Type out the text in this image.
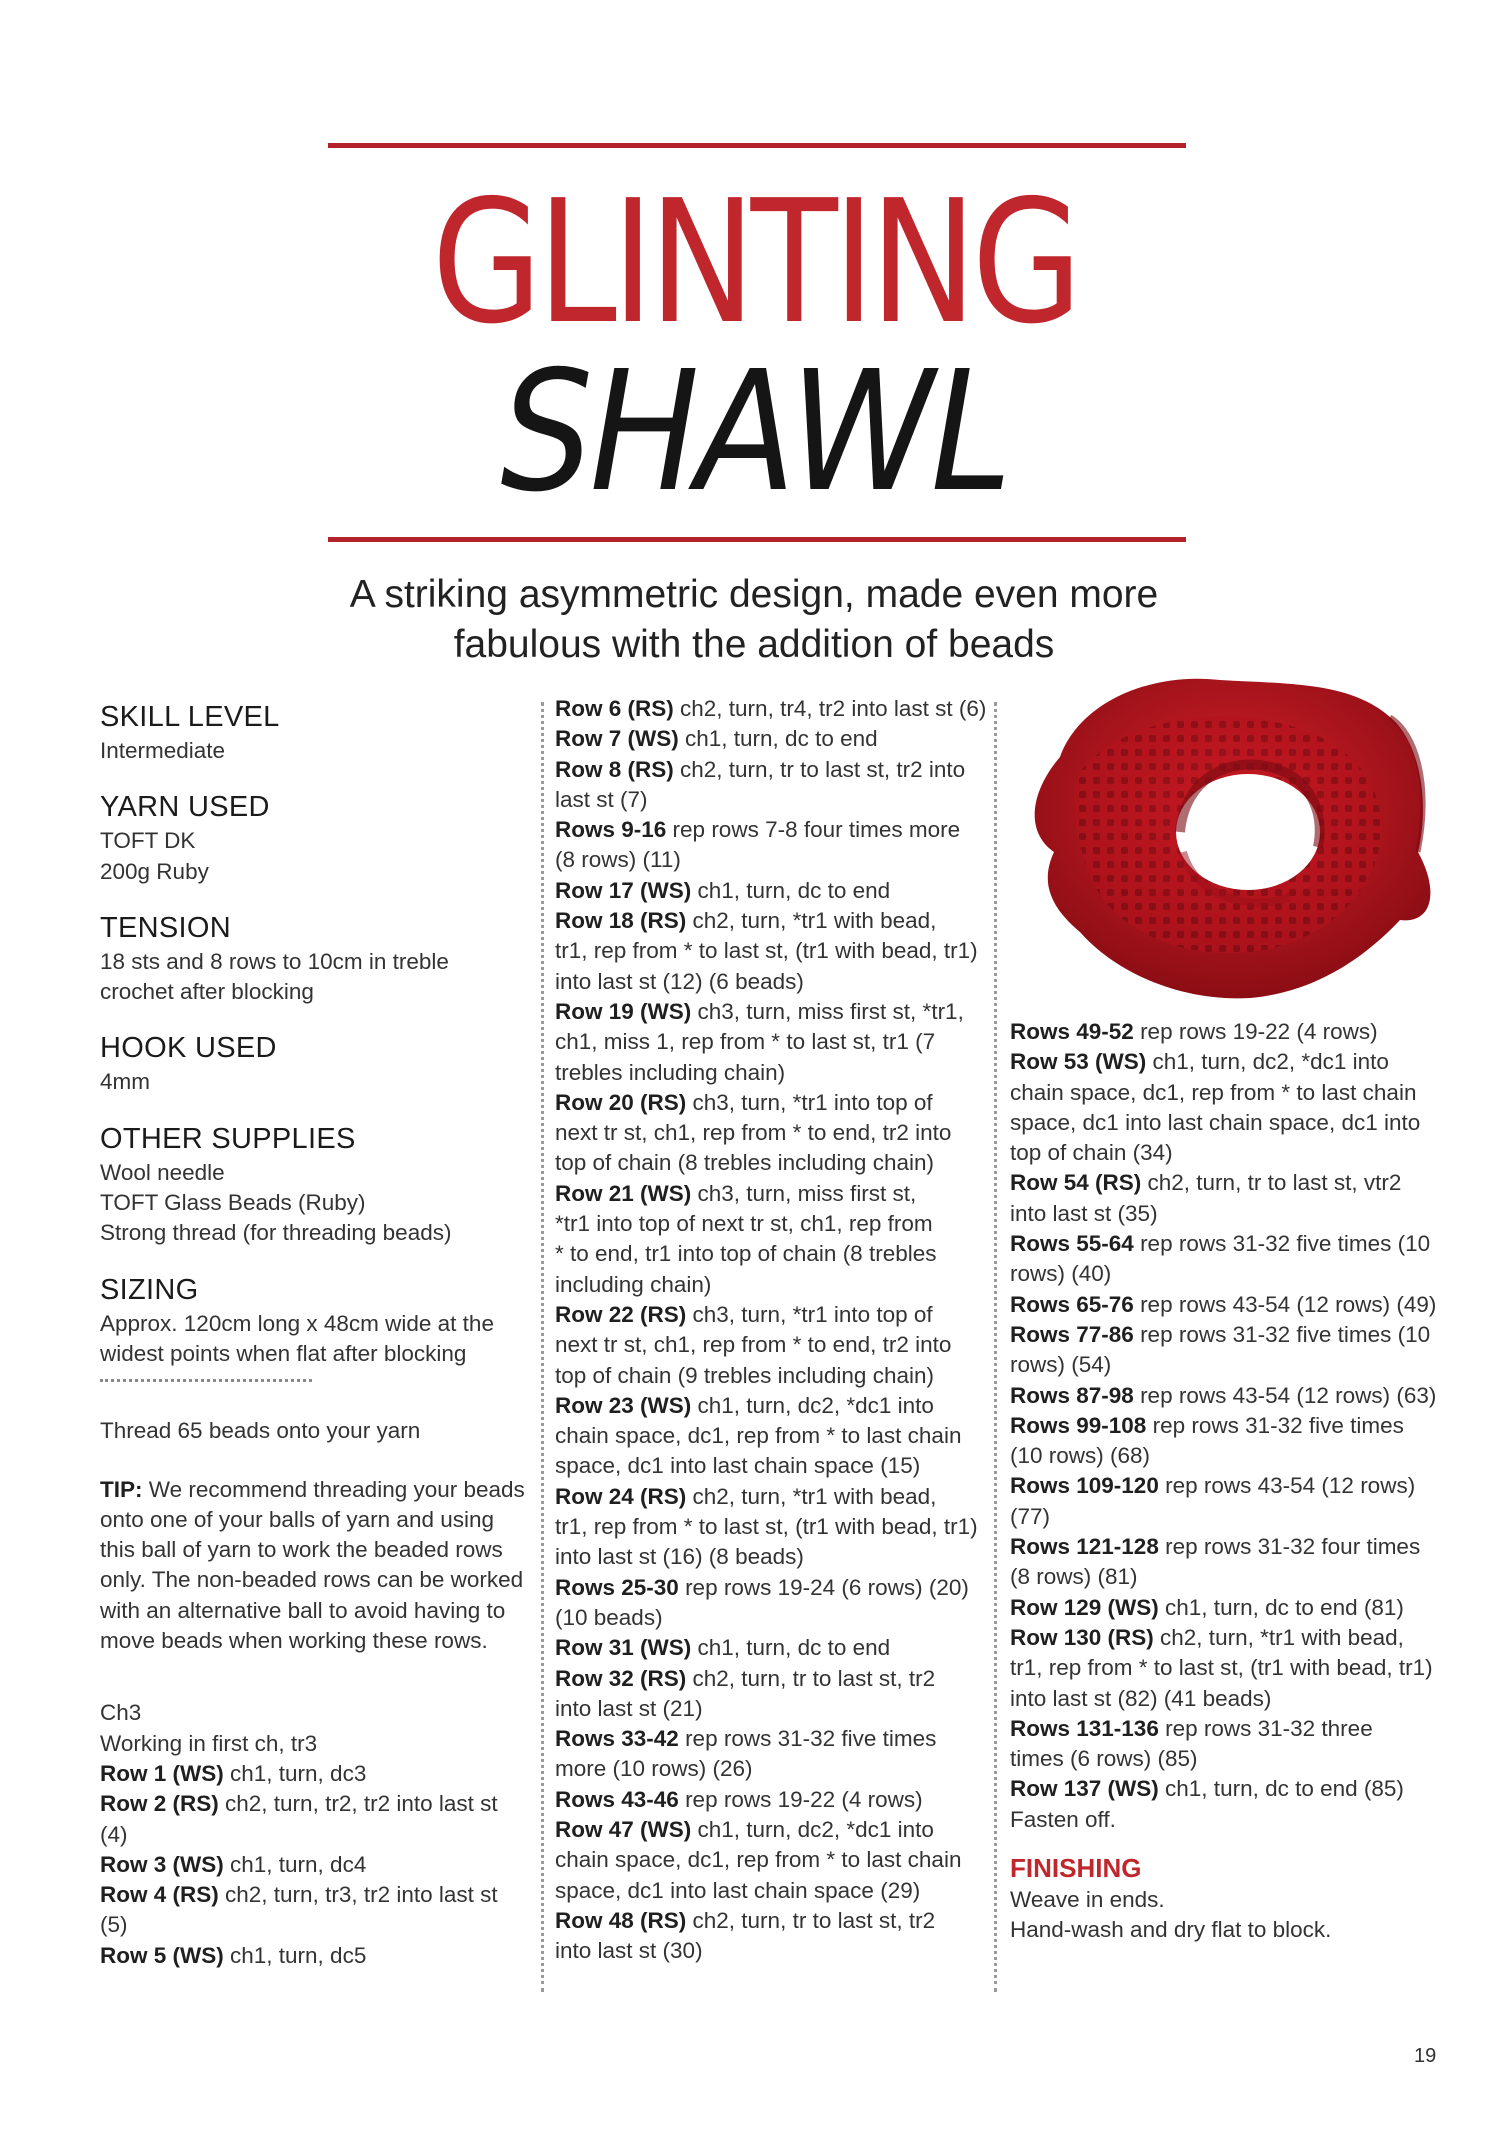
GLINTING
SHAWL
A striking asymmetric design, made even more
fabulous with the addition of beads
SKILL LEVEL
Intermediate
YARN USED
TOFT DK
200g Ruby
TENSION
18 sts and 8 rows to 10cm in treble
crochet after blocking
HOOK USED
4mm
OTHER SUPPLIES
Wool needle
TOFT Glass Beads (Ruby)
Strong thread (for threading beads)
SIZING
Approx. 120cm long x 48cm wide at the
widest points when flat after blocking
Thread 65 beads onto your yarn
TIP: We recommend threading your beads
onto one of your balls of yarn and using
this ball of yarn to work the beaded rows
only. The non-beaded rows can be worked
with an alternative ball to avoid having to
move beads when working these rows.
Ch3
Working in first ch, tr3
Row 1 (WS) ch1, turn, dc3
Row 2 (RS) ch2, turn, tr2, tr2 into last st
(4)
Row 3 (WS) ch1, turn, dc4
Row 4 (RS) ch2, turn, tr3, tr2 into last st
(5)
Row 5 (WS) ch1, turn, dc5
Row 6 (RS) ch2, turn, tr4, tr2 into last st (6)
Row 7 (WS) ch1, turn, dc to end
Row 8 (RS) ch2, turn, tr to last st, tr2 into
last st (7)
Rows 9-16 rep rows 7-8 four times more
(8 rows) (11)
Row 17 (WS) ch1, turn, dc to end
Row 18 (RS) ch2, turn, *tr1 with bead,
tr1, rep from * to last st, (tr1 with bead, tr1)
into last st (12) (6 beads)
Row 19 (WS) ch3, turn, miss first st, *tr1,
ch1, miss 1, rep from * to last st, tr1 (7
trebles including chain)
Row 20 (RS) ch3, turn, *tr1 into top of
next tr st, ch1, rep from * to end, tr2 into
top of chain (8 trebles including chain)
Row 21 (WS) ch3, turn, miss first st,
*tr1 into top of next tr st, ch1, rep from
* to end, tr1 into top of chain (8 trebles
including chain)
Row 22 (RS) ch3, turn, *tr1 into top of
next tr st, ch1, rep from * to end, tr2 into
top of chain (9 trebles including chain)
Row 23 (WS) ch1, turn, dc2, *dc1 into
chain space, dc1, rep from * to last chain
space, dc1 into last chain space (15)
Row 24 (RS) ch2, turn, *tr1 with bead,
tr1, rep from * to last st, (tr1 with bead, tr1)
into last st (16) (8 beads)
Rows 25-30 rep rows 19-24 (6 rows) (20)
(10 beads)
Row 31 (WS) ch1, turn, dc to end
Row 32 (RS) ch2, turn, tr to last st, tr2
into last st (21)
Rows 33-42 rep rows 31-32 five times
more (10 rows) (26)
Rows 43-46 rep rows 19-22 (4 rows)
Row 47 (WS) ch1, turn, dc2, *dc1 into
chain space, dc1, rep from * to last chain
space, dc1 into last chain space (29)
Row 48 (RS) ch2, turn, tr to last st, tr2
into last st (30)
Rows 49-52 rep rows 19-22 (4 rows)
Row 53 (WS) ch1, turn, dc2, *dc1 into
chain space, dc1, rep from * to last chain
space, dc1 into last chain space, dc1 into
top of chain (34)
Row 54 (RS) ch2, turn, tr to last st, vtr2
into last st (35)
Rows 55-64 rep rows 31-32 five times (10
rows) (40)
Rows 65-76 rep rows 43-54 (12 rows) (49)
Rows 77-86 rep rows 31-32 five times (10
rows) (54)
Rows 87-98 rep rows 43-54 (12 rows) (63)
Rows 99-108 rep rows 31-32 five times
(10 rows) (68)
Rows 109-120 rep rows 43-54 (12 rows)
(77)
Rows 121-128 rep rows 31-32 four times
(8 rows) (81)
Row 129 (WS) ch1, turn, dc to end (81)
Row 130 (RS) ch2, turn, *tr1 with bead,
tr1, rep from * to last st, (tr1 with bead, tr1)
into last st (82) (41 beads)
Rows 131-136 rep rows 31-32 three
times (6 rows) (85)
Row 137 (WS) ch1, turn, dc to end (85)
Fasten off.
FINISHING
Weave in ends.
Hand-wash and dry flat to block.
19
